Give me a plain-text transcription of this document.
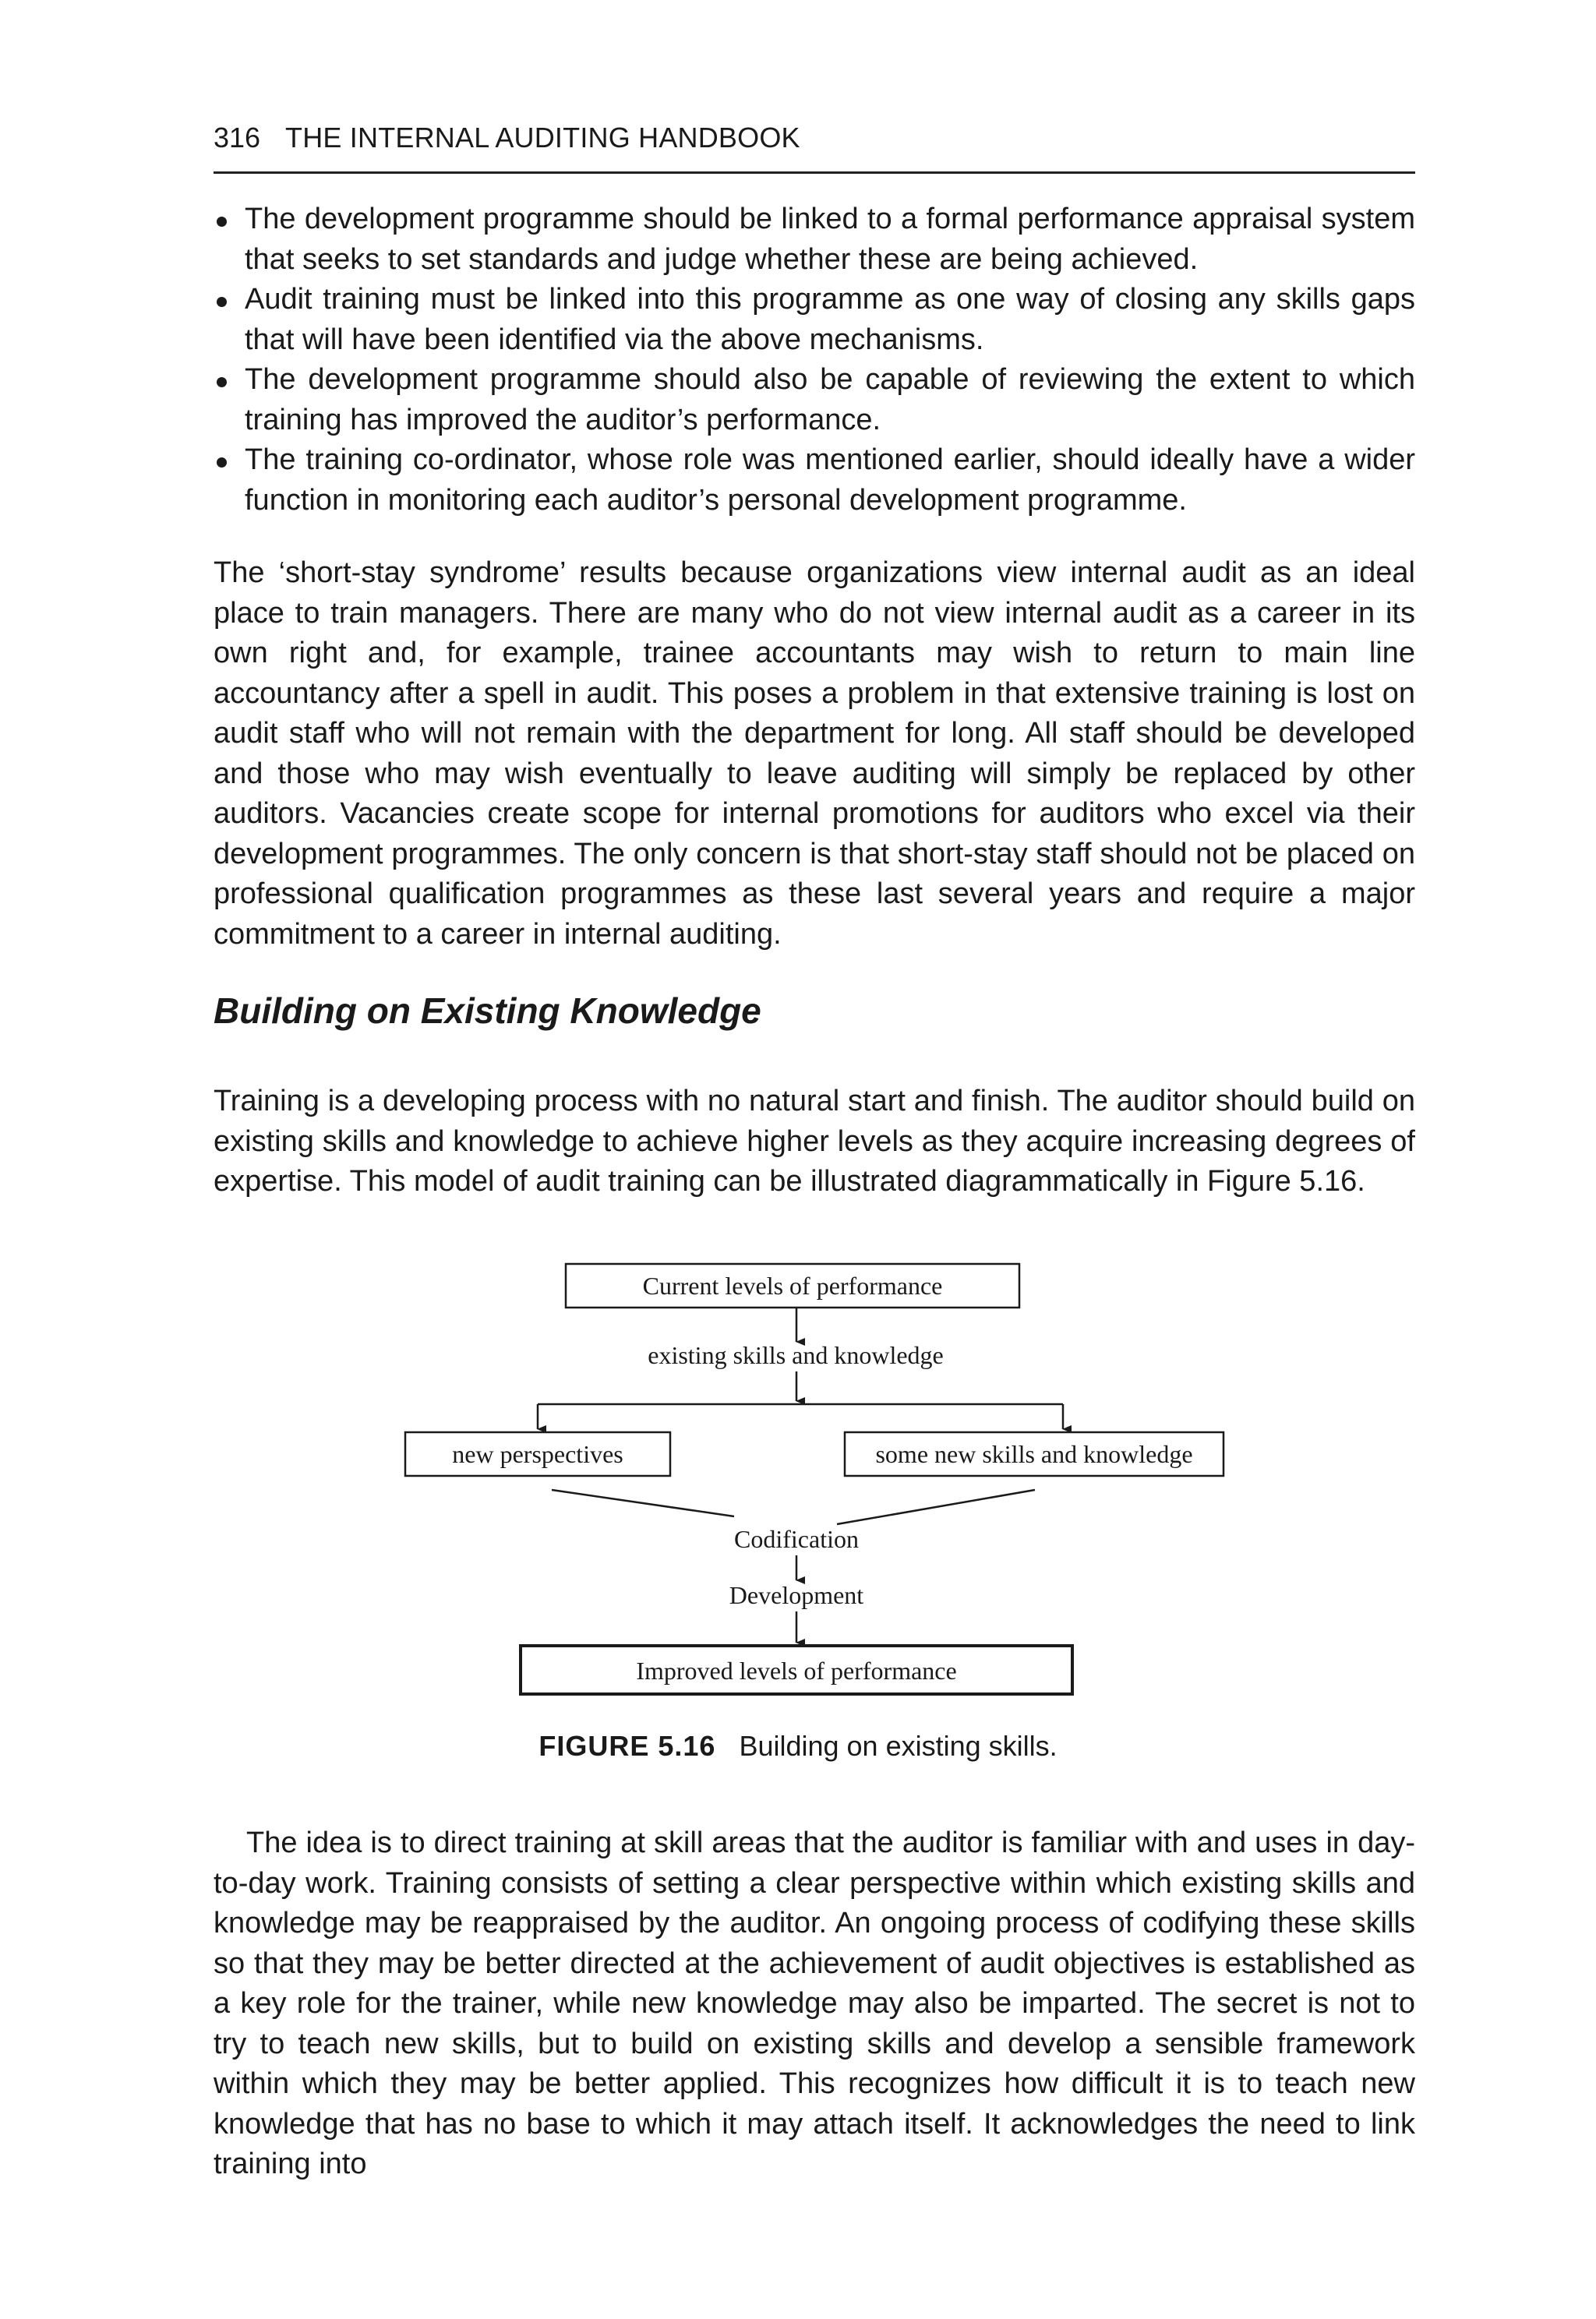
316 THE INTERNAL AUDITING HANDBOOK
The development programme should be linked to a formal performance appraisal system that seeks to set standards and judge whether these are being achieved.
Audit training must be linked into this programme as one way of closing any skills gaps that will have been identified via the above mechanisms.
The development programme should also be capable of reviewing the extent to which training has improved the auditor’s performance.
The training co-ordinator, whose role was mentioned earlier, should ideally have a wider function in monitoring each auditor’s personal development programme.

The ‘short-stay syndrome’ results because organizations view internal audit as an ideal place to train managers. There are many who do not view internal audit as a career in its own right and, for example, trainee accountants may wish to return to main line accountancy after a spell in audit. This poses a problem in that extensive training is lost on audit staff who will not remain with the department for long. All staff should be developed and those who may wish eventually to leave auditing will simply be replaced by other auditors. Vacancies create scope for internal promotions for auditors who excel via their development programmes. The only concern is that short-stay staff should not be placed on professional qualification programmes as these last several years and require a major commitment to a career in internal auditing.

Building on Existing Knowledge

Training is a developing process with no natural start and finish. The auditor should build on existing skills and knowledge to achieve higher levels as they acquire increasing degrees of expertise. This model of audit training can be illustrated diagrammatically in Figure 5.16.

Current levels of performance
existing skills and knowledge
new perspectives	some new skills and knowledge
Codification
Development
Improved levels of performance
FIGURE 5.16 Building on existing skills.

The idea is to direct training at skill areas that the auditor is familiar with and uses in day-to-day work. Training consists of setting a clear perspective within which existing skills and knowledge may be reappraised by the auditor. An ongoing process of codifying these skills so that they may be better directed at the achievement of audit objectives is established as a key role for the trainer, while new knowledge may also be imparted. The secret is not to try to teach new skills, but to build on existing skills and develop a sensible framework within which they may be better applied. This recognizes how difficult it is to teach new knowledge that has no base to which it may attach itself. It acknowledges the need to link training into
